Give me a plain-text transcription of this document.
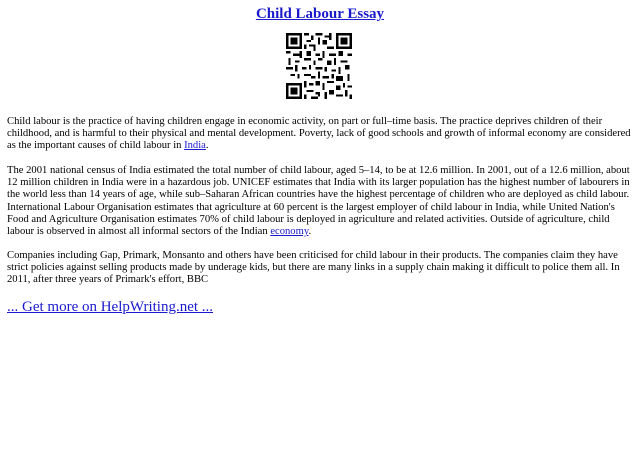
Child Labour Essay

Child labour is the practice of having children engage in economic activity, on part or full–time basis. The practice deprives children of their childhood, and is harmful to their physical and mental development. Poverty, lack of good schools and growth of informal economy are considered as the important causes of child labour in India.

The 2001 national census of India estimated the total number of child labour, aged 5–14, to be at 12.6 million. In 2001, out of a 12.6 million, about 12 million children in India were in a hazardous job. UNICEF estimates that India with its larger population has the highest number of labourers in the world less than 14 years of age, while sub–Saharan African countries have the highest percentage of children who are deployed as child labour. International Labour Organisation estimates that agriculture at 60 percent is the largest employer of child labour in India, while United Nation's Food and Agriculture Organisation estimates 70% of child labour is deployed in agriculture and related activities. Outside of agriculture, child labour is observed in almost all informal sectors of the Indian economy.

Companies including Gap, Primark, Monsanto and others have been criticised for child labour in their products. The companies claim they have strict policies against selling products made by underage kids, but there are many links in a supply chain making it difficult to police them all. In 2011, after three years of Primark's effort, BBC

... Get more on HelpWriting.net ...
